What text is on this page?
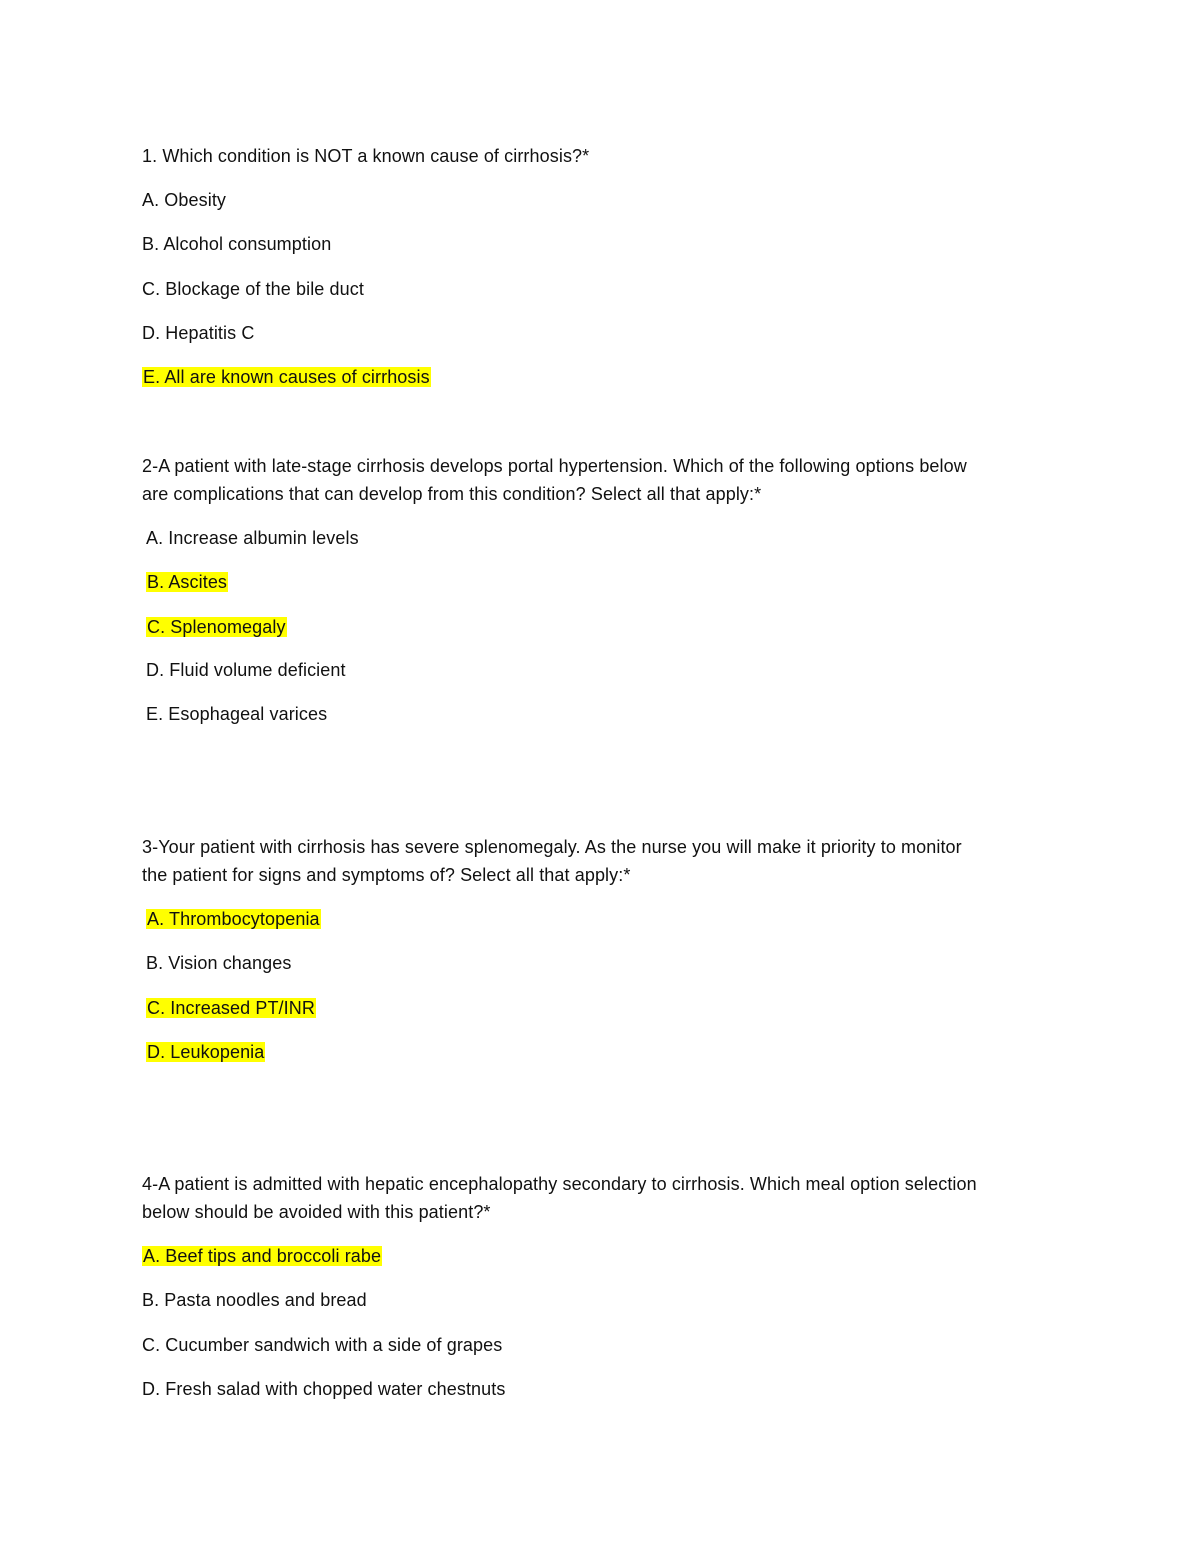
1. Which condition is NOT a known cause of cirrhosis?*
A. Obesity
B. Alcohol consumption
C. Blockage of the bile duct
D. Hepatitis C
E. All are known causes of cirrhosis
2-A patient with late-stage cirrhosis develops portal hypertension. Which of the following options below
are complications that can develop from this condition? Select all that apply:*
A. Increase albumin levels
B. Ascites
C. Splenomegaly
D. Fluid volume deficient
E. Esophageal varices
3-Your patient with cirrhosis has severe splenomegaly. As the nurse you will make it priority to monitor
the patient for signs and symptoms of? Select all that apply:*
A. Thrombocytopenia
B. Vision changes
C. Increased PT/INR
D. Leukopenia
4-A patient is admitted with hepatic encephalopathy secondary to cirrhosis. Which meal option selection
below should be avoided with this patient?*
A. Beef tips and broccoli rabe
B. Pasta noodles and bread
C. Cucumber sandwich with a side of grapes
D. Fresh salad with chopped water chestnuts
